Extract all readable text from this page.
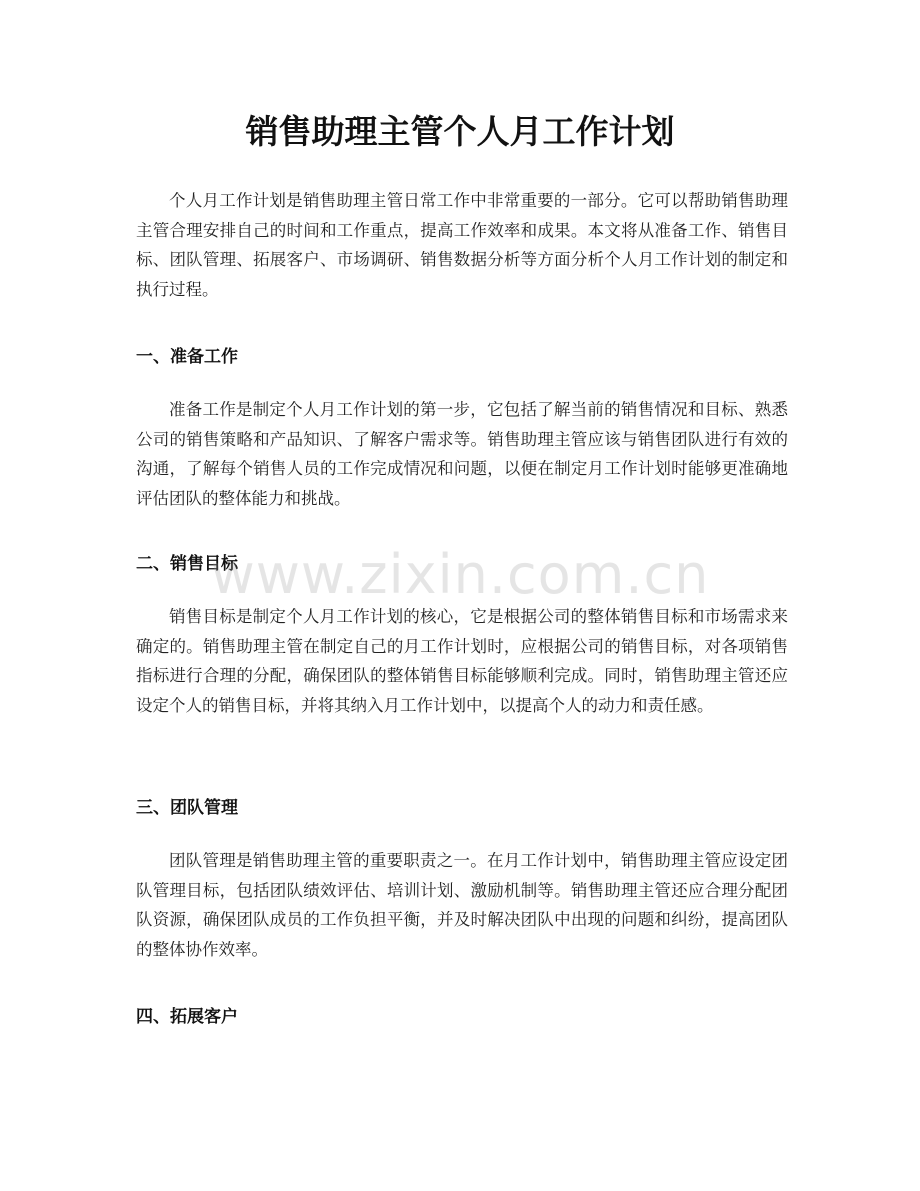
销售助理主管个人月工作计划

个人月工作计划是销售助理主管日常工作中非常重要的一部分。它可以帮助销售助理主管合理安排自己的时间和工作重点，提高工作效率和成果。本文将从准备工作、销售目标、团队管理、拓展客户、市场调研、销售数据分析等方面分析个人月工作计划的制定和执行过程。

一、准备工作

准备工作是制定个人月工作计划的第一步，它包括了解当前的销售情况和目标、熟悉公司的销售策略和产品知识、了解客户需求等。销售助理主管应该与销售团队进行有效的沟通，了解每个销售人员的工作完成情况和问题，以便在制定月工作计划时能够更准确地评估团队的整体能力和挑战。

二、销售目标

销售目标是制定个人月工作计划的核心，它是根据公司的整体销售目标和市场需求来确定的。销售助理主管在制定自己的月工作计划时，应根据公司的销售目标，对各项销售指标进行合理的分配，确保团队的整体销售目标能够顺利完成。同时，销售助理主管还应设定个人的销售目标，并将其纳入月工作计划中，以提高个人的动力和责任感。

三、团队管理

团队管理是销售助理主管的重要职责之一。在月工作计划中，销售助理主管应设定团队管理目标，包括团队绩效评估、培训计划、激励机制等。销售助理主管还应合理分配团队资源，确保团队成员的工作负担平衡，并及时解决团队中出现的问题和纠纷，提高团队的整体协作效率。

四、拓展客户
www.zixin.com.cn
